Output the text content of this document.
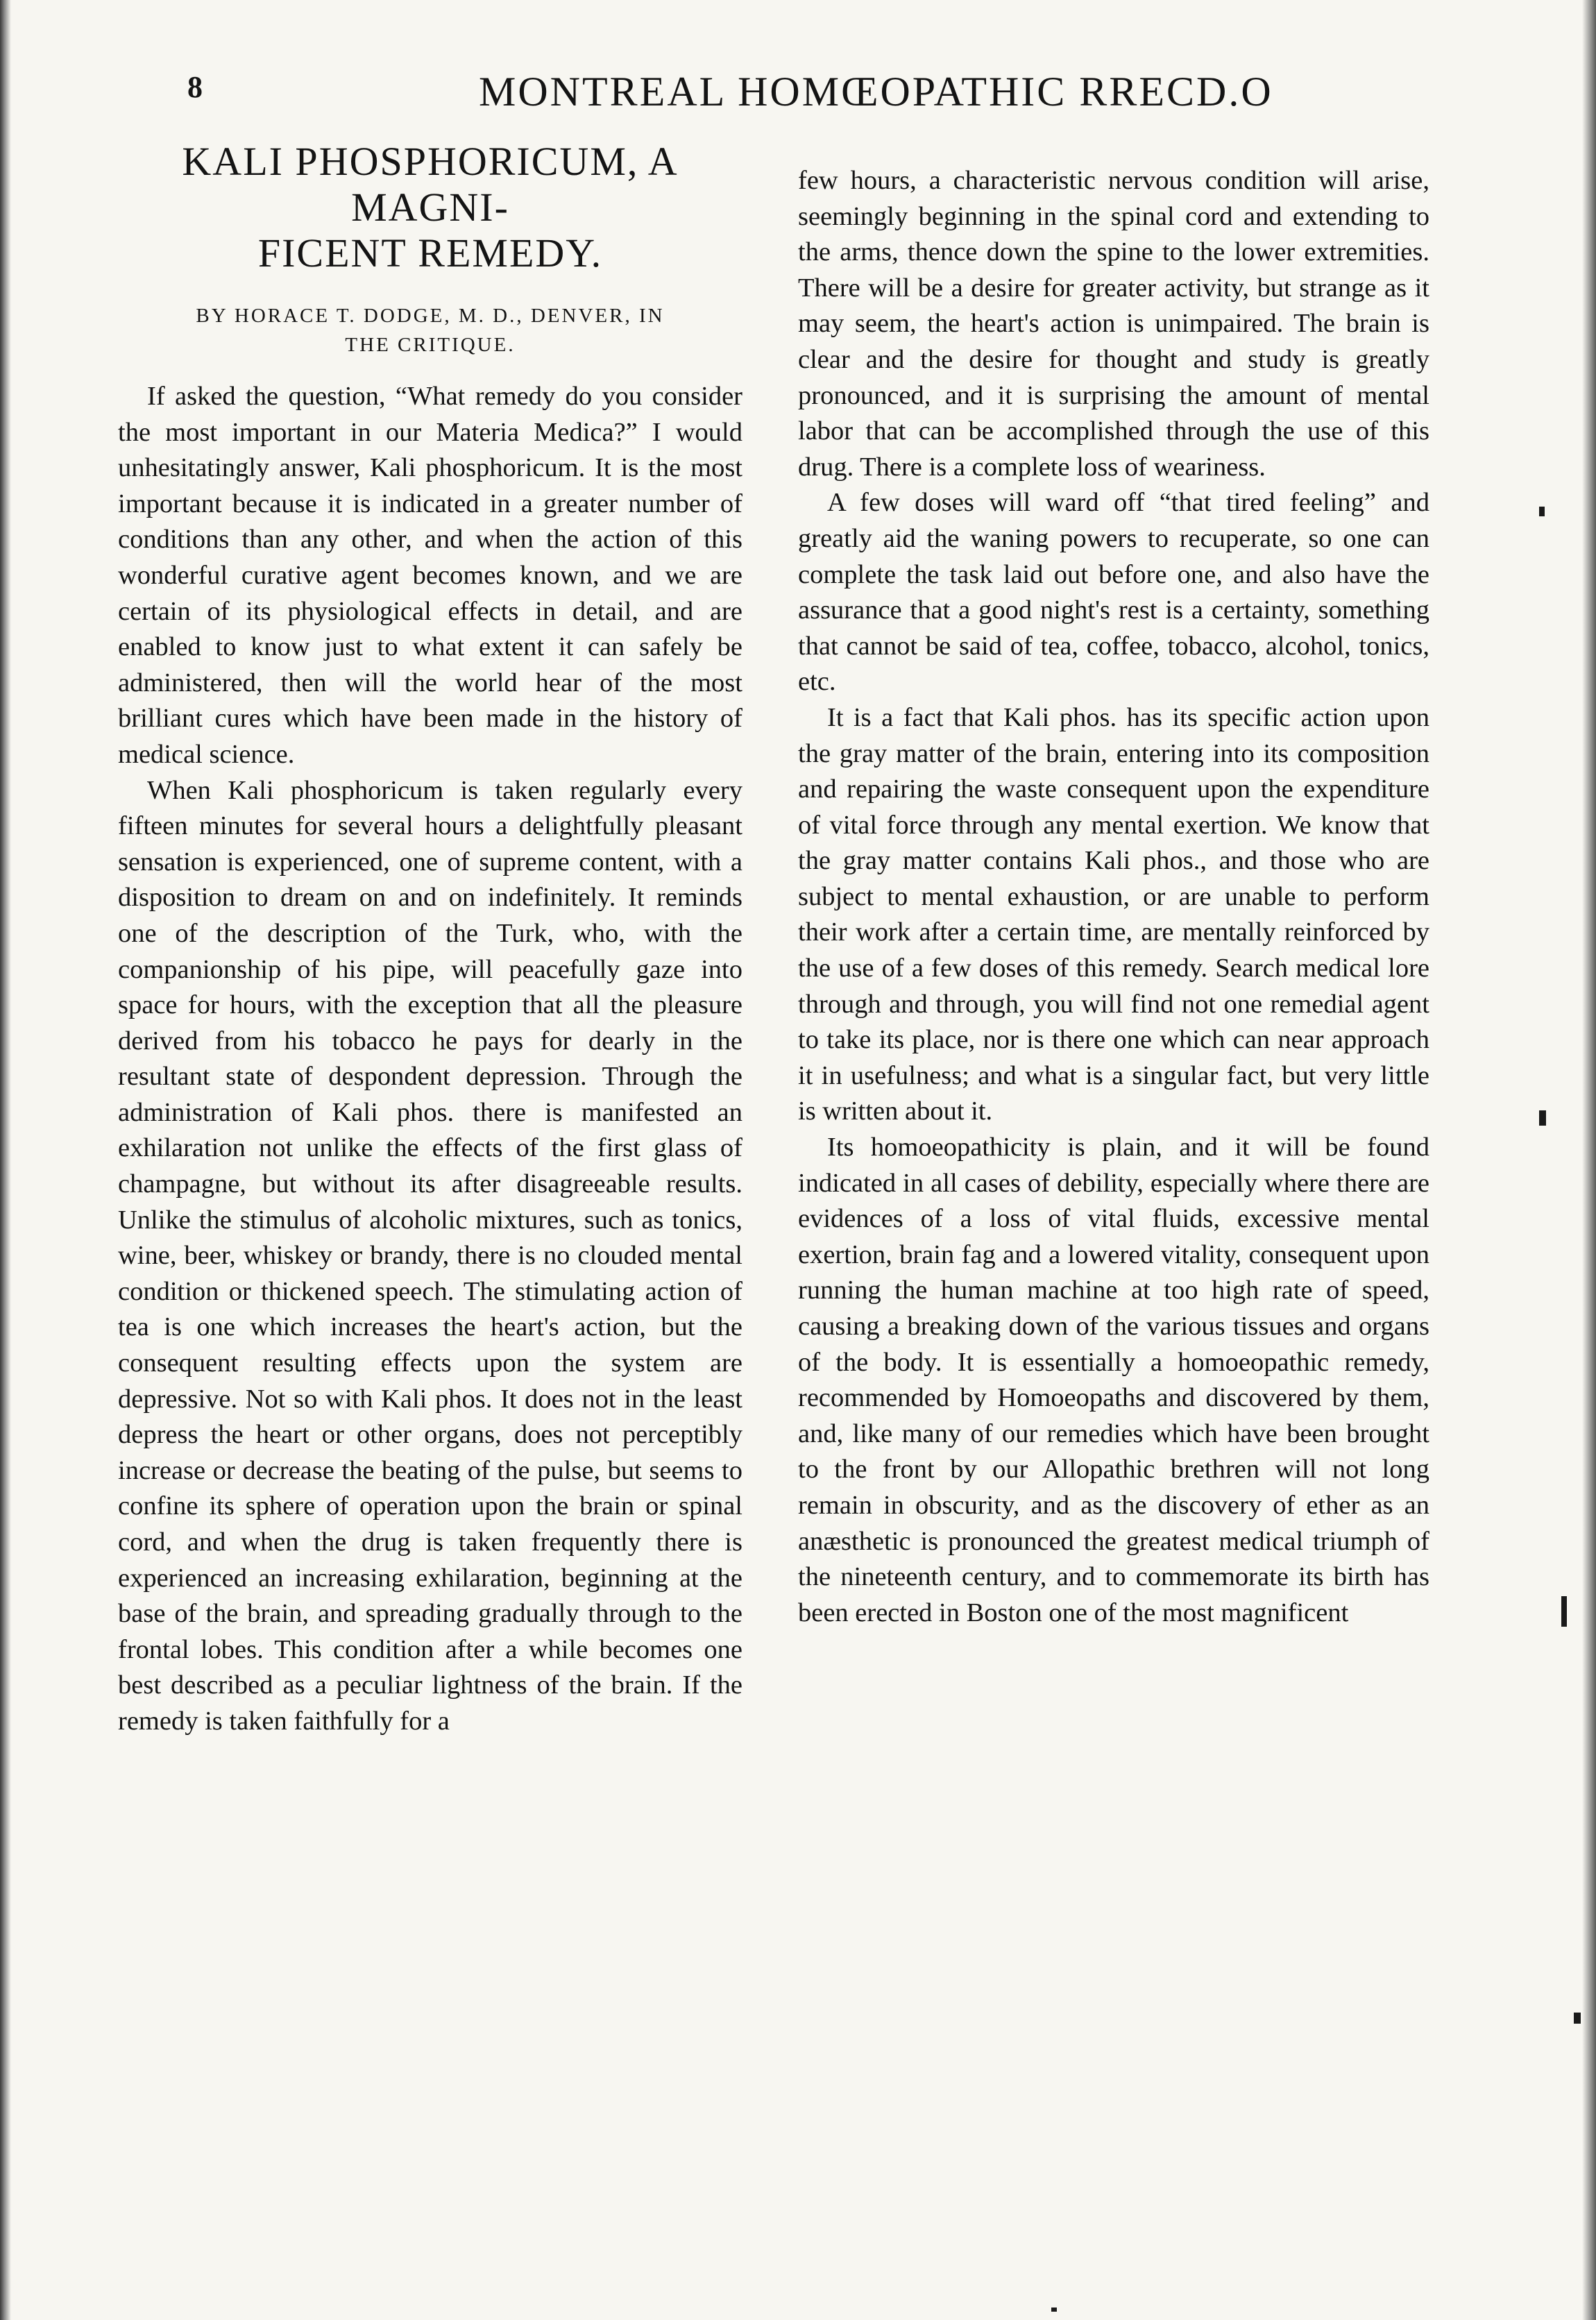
8	MONTREAL HOMŒOPATHIC RRECD.O
KALI PHOSPHORICUM, A MAGNI-
FICENT REMEDY.
BY HORACE T. DODGE, M. D., DENVER, IN
THE CRITIQUE.

If asked the question, “What remedy do you consider the most important in our Materia Medica?” I would unhesitatingly answer, Kali phosphoricum. It is the most important because it is indicated in a greater number of conditions than any other, and when the action of this wonderful curative agent becomes known, and we are certain of its physiological effects in detail, and are enabled to know just to what extent it can safely be administered, then will the world hear of the most brilliant cures which have been made in the history of medical science.

When Kali phosphoricum is taken regularly every fifteen minutes for several hours a delightfully pleasant sensation is experienced, one of supreme content, with a disposition to dream on and on indefinitely. It reminds one of the description of the Turk, who, with the companionship of his pipe, will peacefully gaze into space for hours, with the exception that all the pleasure derived from his tobacco he pays for dearly in the resultant state of despondent depression. Through the administration of Kali phos. there is manifested an exhilaration not unlike the effects of the first glass of champagne, but without its after disagreeable results. Unlike the stimulus of alcoholic mixtures, such as tonics, wine, beer, whiskey or brandy, there is no clouded mental condition or thickened speech. The stimulating action of tea is one which increases the heart's action, but the consequent resulting effects upon the system are depressive. Not so with Kali phos. It does not in the least depress the heart or other organs, does not perceptibly increase or decrease the beating of the pulse, but seems to confine its sphere of operation upon the brain or spinal cord, and when the drug is taken frequently there is experienced an increasing exhilaration, beginning at the base of the brain, and spreading gradually through to the frontal lobes. This condition after a while becomes one best described as a peculiar lightness of the brain. If the remedy is taken faithfully for a

few hours, a characteristic nervous condition will arise, seemingly beginning in the spinal cord and extending to the arms, thence down the spine to the lower extremities. There will be a desire for greater activity, but strange as it may seem, the heart's action is unimpaired. The brain is clear and the desire for thought and study is greatly pronounced, and it is surprising the amount of mental labor that can be accomplished through the use of this drug. There is a complete loss of weariness.

A few doses will ward off “that tired feeling” and greatly aid the waning powers to recuperate, so one can complete the task laid out before one, and also have the assurance that a good night's rest is a certainty, something that cannot be said of tea, coffee, tobacco, alcohol, tonics, etc.

It is a fact that Kali phos. has its specific action upon the gray matter of the brain, entering into its composition and repairing the waste consequent upon the expenditure of vital force through any mental exertion. We know that the gray matter contains Kali phos., and those who are subject to mental exhaustion, or are unable to perform their work after a certain time, are mentally reinforced by the use of a few doses of this remedy. Search medical lore through and through, you will find not one remedial agent to take its place, nor is there one which can near approach it in usefulness; and what is a singular fact, but very little is written about it.

Its homoeopathicity is plain, and it will be found indicated in all cases of debility, especially where there are evidences of a loss of vital fluids, excessive mental exertion, brain fag and a lowered vitality, consequent upon running the human machine at too high rate of speed, causing a breaking down of the various tissues and organs of the body. It is essentially a homoeopathic remedy, recommended by Homoeopaths and discovered by them, and, like many of our remedies which have been brought to the front by our Allopathic brethren will not long remain in obscurity, and as the discovery of ether as an anæsthetic is pronounced the greatest medical triumph of the nineteenth century, and to commemorate its birth has been erected in Boston one of the most magnificent
